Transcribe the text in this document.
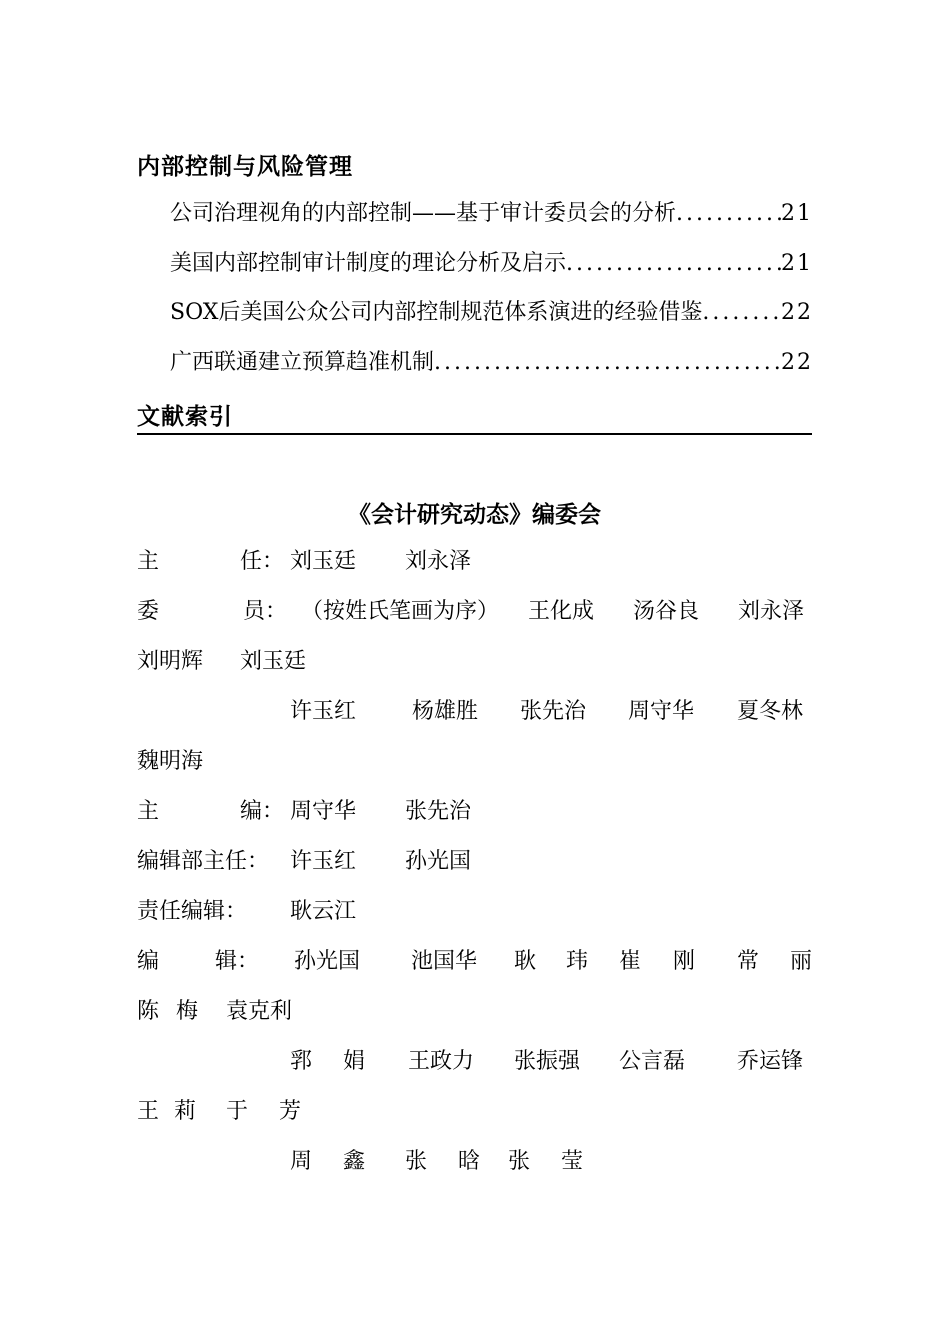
内部控制与风险管理
公司治理视角的内部控制——基于审计委员会的分析 .....	21
美国内部控制审计制度的理论分析及启示 .....	21
SOX后美国公众公司内部控制规范体系演进的经验借鉴 .....	22
广西联通建立预算趋准机制 .....	22
文献索引
《会计研究动态》编委会
主	任： 刘玉廷 刘永泽
委	员： （按姓氏笔画为序） 王化成 汤谷良 刘永泽
刘明辉 刘玉廷
许玉红	杨雄胜 张先治 周守华 夏冬林
魏明海
主	编： 周守华 张先治
编辑部主任： 许玉红 孙光国
责任编辑： 耿云江
编	辑： 孙光国 池国华 耿 玮 崔 刚 常 丽
陈 梅 袁克利
郛 娟 王政力 张振强 公言磊 乔运锋
王 莉 于 芳
周 鑫 张 晗 张 莹
